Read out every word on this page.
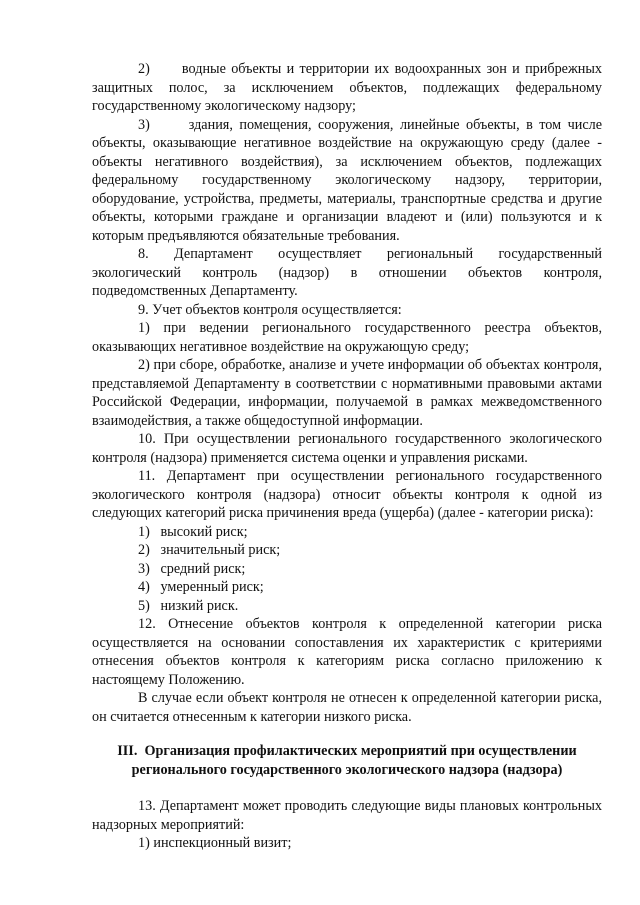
2)      водные объекты и территории их водоохранных зон и прибрежных защитных полос, за исключением объектов, подлежащих федеральному государственному экологическому надзору;

3)      здания, помещения, сооружения, линейные объекты, в том числе объекты, оказывающие негативное воздействие на окружающую среду (далее - объекты негативного воздействия), за исключением объектов, подлежащих федеральному государственному экологическому надзору, территории, оборудование, устройства, предметы, материалы, транспортные средства и другие объекты, которыми граждане и организации владеют и (или) пользуются и к которым предъявляются обязательные требования.

8. Департамент осуществляет региональный государственный экологический контроль (надзор) в отношении объектов контроля, подведомственных Департаменту.

9. Учет объектов контроля осуществляется:

1) при ведении регионального государственного реестра объектов, оказывающих негативное воздействие на окружающую среду;

2) при сборе, обработке, анализе и учете информации об объектах контроля, представляемой Департаменту в соответствии с нормативными правовыми актами Российской Федерации, информации, получаемой в рамках межведомственного взаимодействия, а также общедоступной информации.

10. При осуществлении регионального государственного экологического контроля (надзора) применяется система оценки и управления рисками.

11. Департамент при осуществлении регионального государственного экологического контроля (надзора) относит объекты контроля к одной из следующих категорий риска причинения вреда (ущерба) (далее - категории риска):

1)   высокий риск;

2)   значительный риск;

3)   средний риск;

4)   умеренный риск;

5)   низкий риск.

12. Отнесение объектов контроля к определенной категории риска осуществляется на основании сопоставления их характеристик с критериями отнесения объектов контроля к категориям риска согласно приложению к настоящему Положению.

В случае если объект контроля не отнесен к определенной категории риска, он считается отнесенным к категории низкого риска.

III.  Организация профилактических мероприятий при осуществлении регионального государственного экологического надзора (надзора)

13. Департамент может проводить следующие виды плановых контрольных надзорных мероприятий:

1) инспекционный визит;
